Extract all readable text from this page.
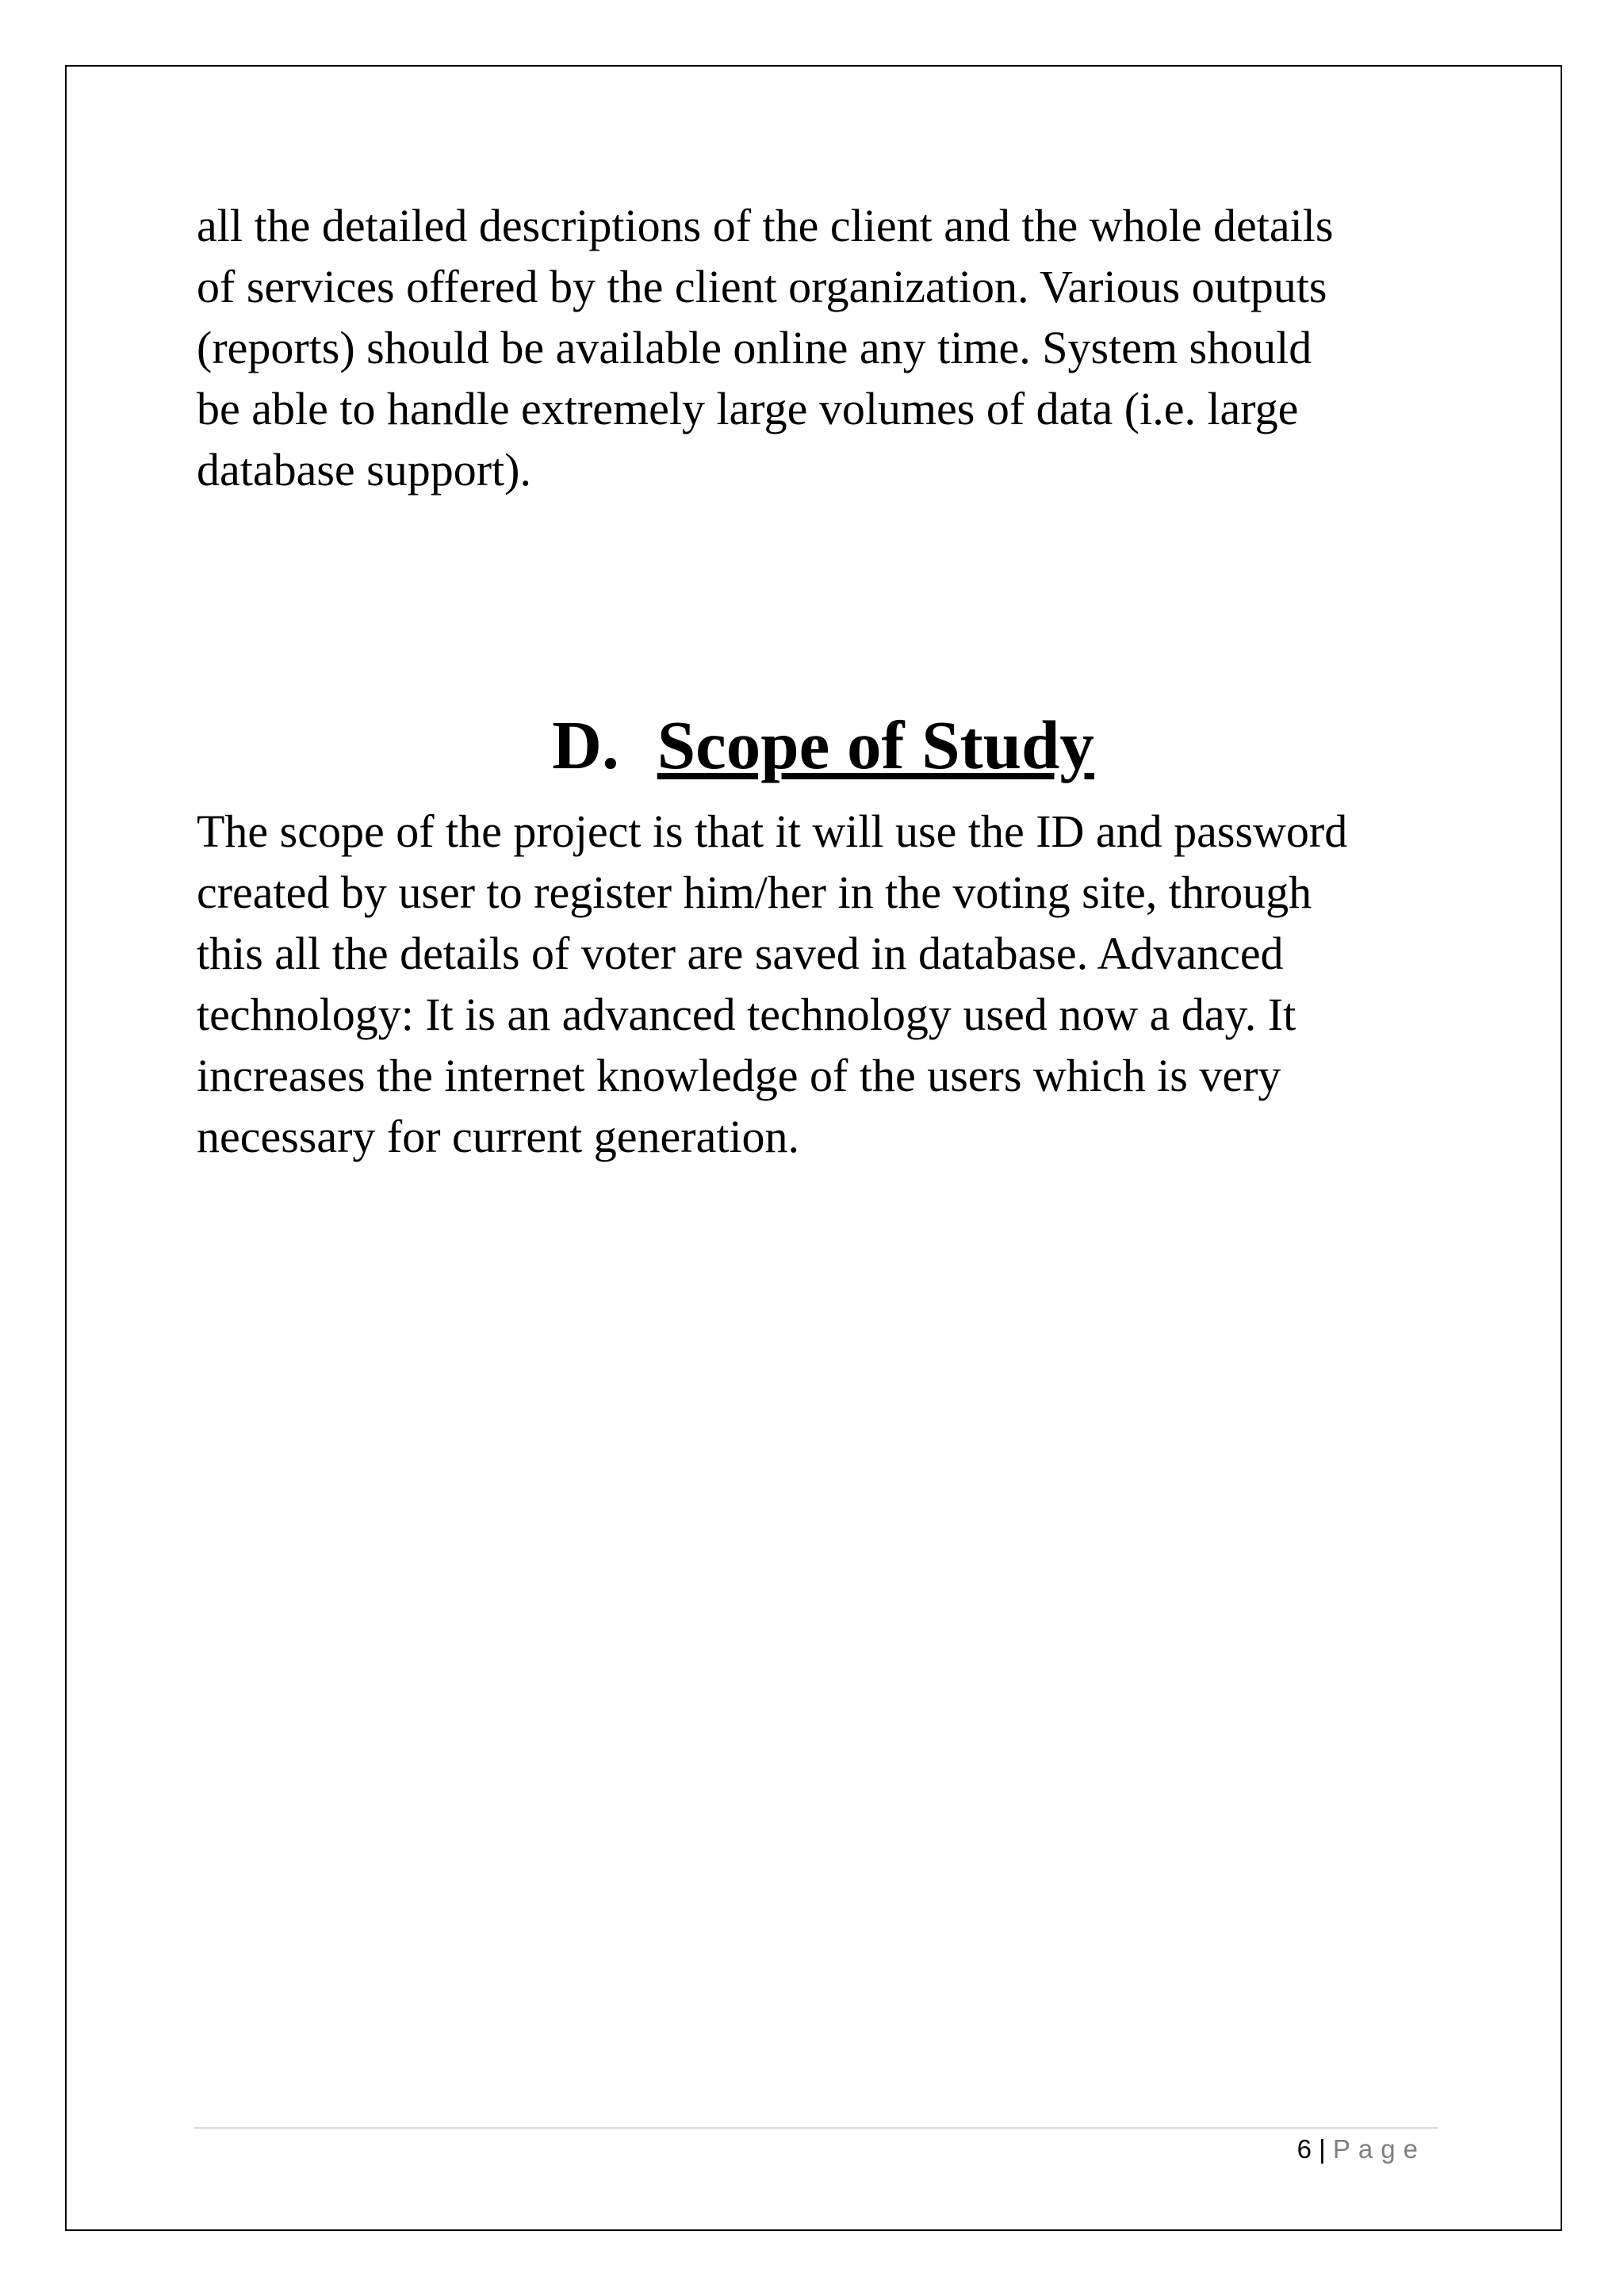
all the detailed descriptions of the client and the whole details
of services offered by the client organization. Various outputs
(reports) should be available online any time. System should
be able to handle extremely large volumes of data (i.e. large
database support).

D. Scope of Study

The scope of the project is that it will use the ID and password
created by user to register him/her in the voting site, through
this all the details of voter are saved in database. Advanced
technology: It is an advanced technology used now a day. It
increases the internet knowledge of the users which is very
necessary for current generation.

6 | Page
